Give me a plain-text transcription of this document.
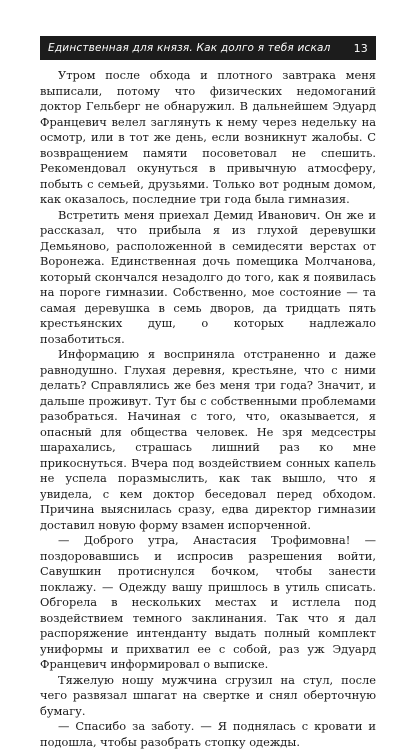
Единственная для князя. Как долго я тебя искал 13

Утром после обхода и плотного завтрака меня выписали, потому что физических недомоганий доктор Гельберг не обнаружил. В дальнейшем Эдуард Францевич велел заглянуть к нему через недельку на осмотр, или в тот же день, если возникнут жалобы. С возвращением памяти посоветовал не спешить. Рекомендовал окунуться в привычную атмосферу, побыть с семьей, друзьями. Только вот родным домом, как оказалось, последние три года была гимназия.

Встретить меня приехал Демид Иванович. Он же и рассказал, что прибыла я из глухой деревушки Демьяново, расположенной в семидесяти верстах от Воронежа. Единственная дочь помещика Молчанова, который скончался незадолго до того, как я появилась на пороге гимназии. Собственно, мое состояние — та самая деревушка в семь дворов, да тридцать пять крестьянских душ, о которых надлежало позаботиться.

Информацию я восприняла отстраненно и даже равнодушно. Глухая деревня, крестьяне, что с ними делать? Справлялись же без меня три года? Значит, и дальше проживут. Тут бы с собственными проблемами разобраться. Начиная с того, что, оказывается, я опасный для общества человек. Не зря медсестры шарахались, страшась лишний раз ко мне прикоснуться. Вчера под воздействием сонных капель не успела поразмыслить, как так вышло, что я увидела, с кем доктор беседовал перед обходом. Причина выяснилась сразу, едва директор гимназии доставил новую форму взамен испорченной.

— Доброго утра, Анастасия Трофимовна! — поздоровавшись и испросив разрешения войти, Савушкин протиснулся бочком, чтобы занести поклажу. — Одежду вашу пришлось в утиль списать. Обгорела в нескольких местах и истлела под воздействием темного заклинания. Так что я дал распоряжение интенданту выдать полный комплект униформы и прихватил ее с собой, раз уж Эдуард Францевич информировал о выписке.

Тяжелую ношу мужчина сгрузил на стул, после чего развязал шпагат на свертке и снял оберточную бумагу.

— Спасибо за заботу. — Я поднялась с кровати и подошла, чтобы разобрать стопку одежды.
